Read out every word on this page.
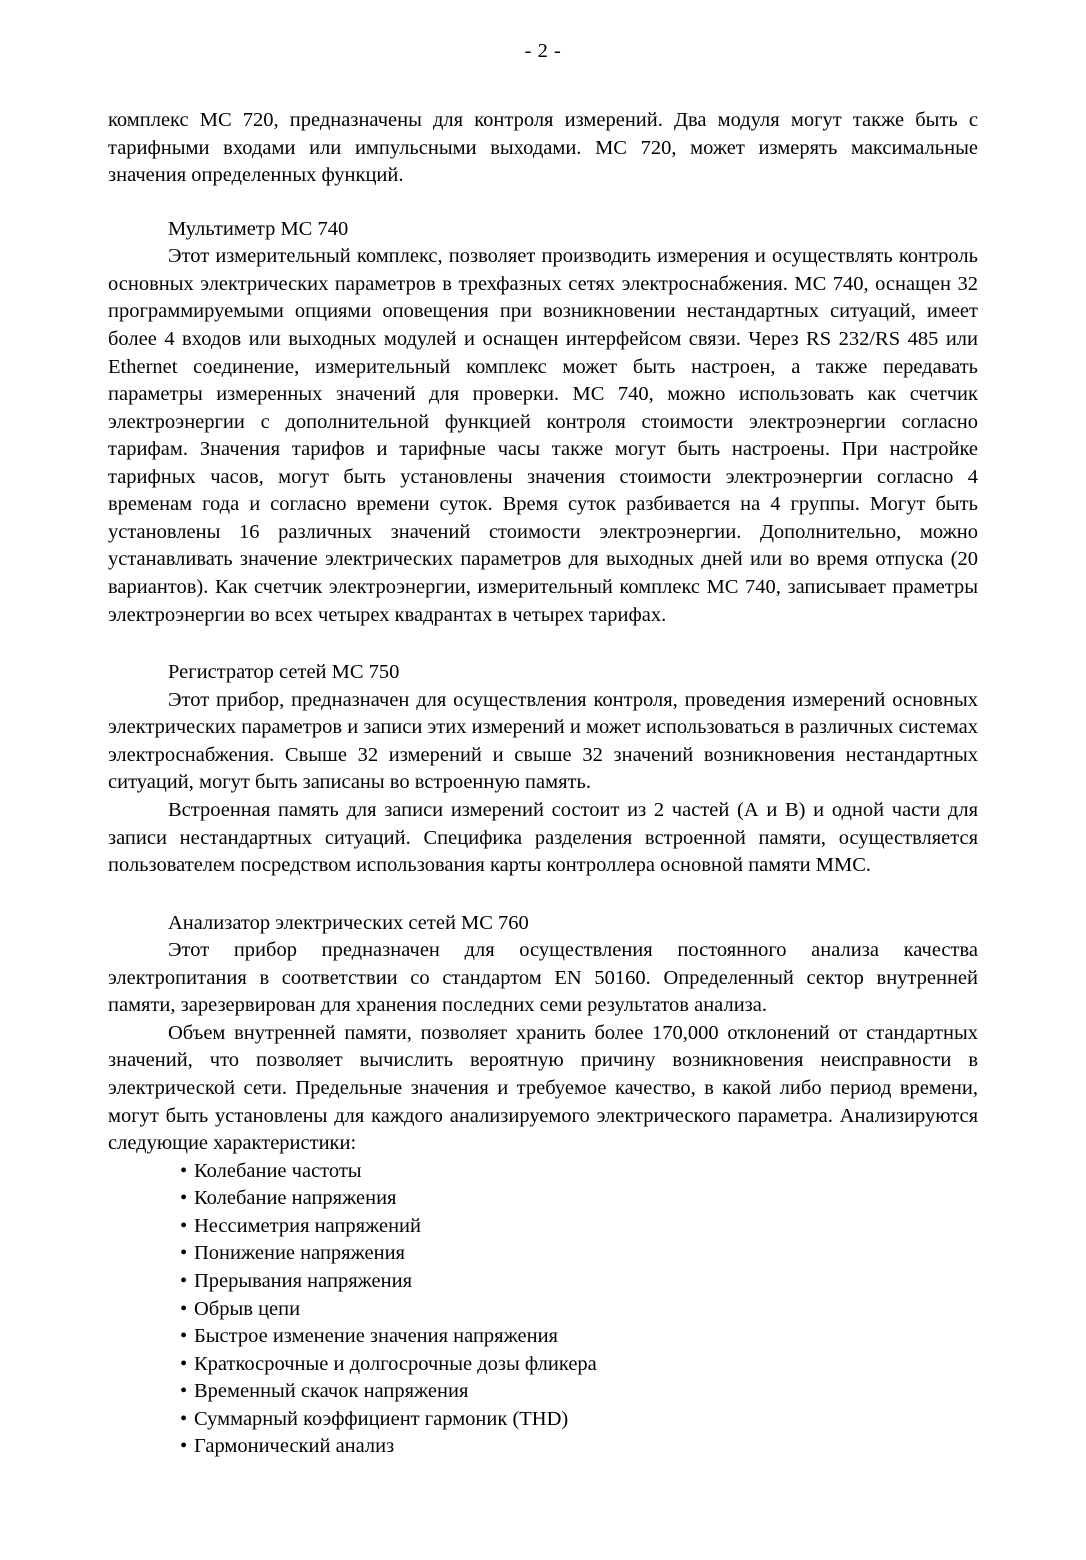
- 2 -

комплекс МС 720, предназначены для контроля измерений. Два модуля могут также быть с тарифными входами или импульсными выходами. МС 720, может измерять максимальные значения определенных функций.

Мультиметр МС 740

Этот измерительный комплекс, позволяет производить измерения и осуществлять контроль основных электрических параметров в трехфазных сетях электроснабжения. МС 740, оснащен 32 программируемыми опциями оповещения при возникновении нестандартных ситуаций, имеет более 4 входов или выходных модулей и оснащен интерфейсом связи. Через RS 232/RS 485 или Ethernet соединение, измерительный комплекс может быть настроен, а также передавать параметры измеренных значений для проверки. МС 740, можно использовать как счетчик электроэнергии с дополнительной функцией контроля стоимости электроэнергии согласно тарифам. Значения тарифов и тарифные часы также могут быть настроены. При настройке тарифных часов, могут быть установлены значения стоимости электроэнергии согласно 4 временам года и согласно времени суток. Время суток разбивается на 4 группы. Могут быть установлены 16 различных значений стоимости электроэнергии. Дополнительно, можно устанавливать значение электрических параметров для выходных дней или во время отпуска (20 вариантов). Как счетчик электроэнергии, измерительный комплекс МС 740, записывает праметры электроэнергии во всех четырех квадрантах в четырех тарифах.

Регистратор сетей МС 750

Этот прибор, предназначен для осуществления контроля, проведения измерений основных электрических параметров и записи этих измерений и может использоваться в различных системах электроснабжения. Свыше 32 измерений и свыше 32 значений возникновения нестандартных ситуаций, могут быть записаны во встроенную память.

Встроенная память для записи измерений состоит из 2 частей (А и В) и одной части для записи нестандартных ситуаций. Специфика разделения встроенной памяти, осуществляется пользователем посредством использования карты контроллера основной памяти ММС.

Анализатор электрических сетей МС 760

Этот прибор предназначен для осуществления постоянного анализа качества электропитания в соответствии со стандартом EN 50160. Определенный сектор внутренней памяти, зарезервирован для хранения последних семи результатов анализа.

Объем внутренней памяти, позволяет хранить более 170,000 отклонений от стандартных значений, что позволяет вычислить вероятную причину возникновения неисправности в электрической сети. Предельные значения и требуемое качество, в какой либо период времени, могут быть установлены для каждого анализируемого электрического параметра. Анализируются следующие характеристики:

• Колебание частоты
• Колебание напряжения
• Нессиметрия напряжений
• Понижение напряжения
• Прерывания напряжения
• Обрыв цепи
• Быстрое изменение значения напряжения
• Краткосрочные и долгосрочные дозы фликера
• Временный скачок напряжения
• Суммарный коэффициент гармоник (THD)
• Гармонический анализ
